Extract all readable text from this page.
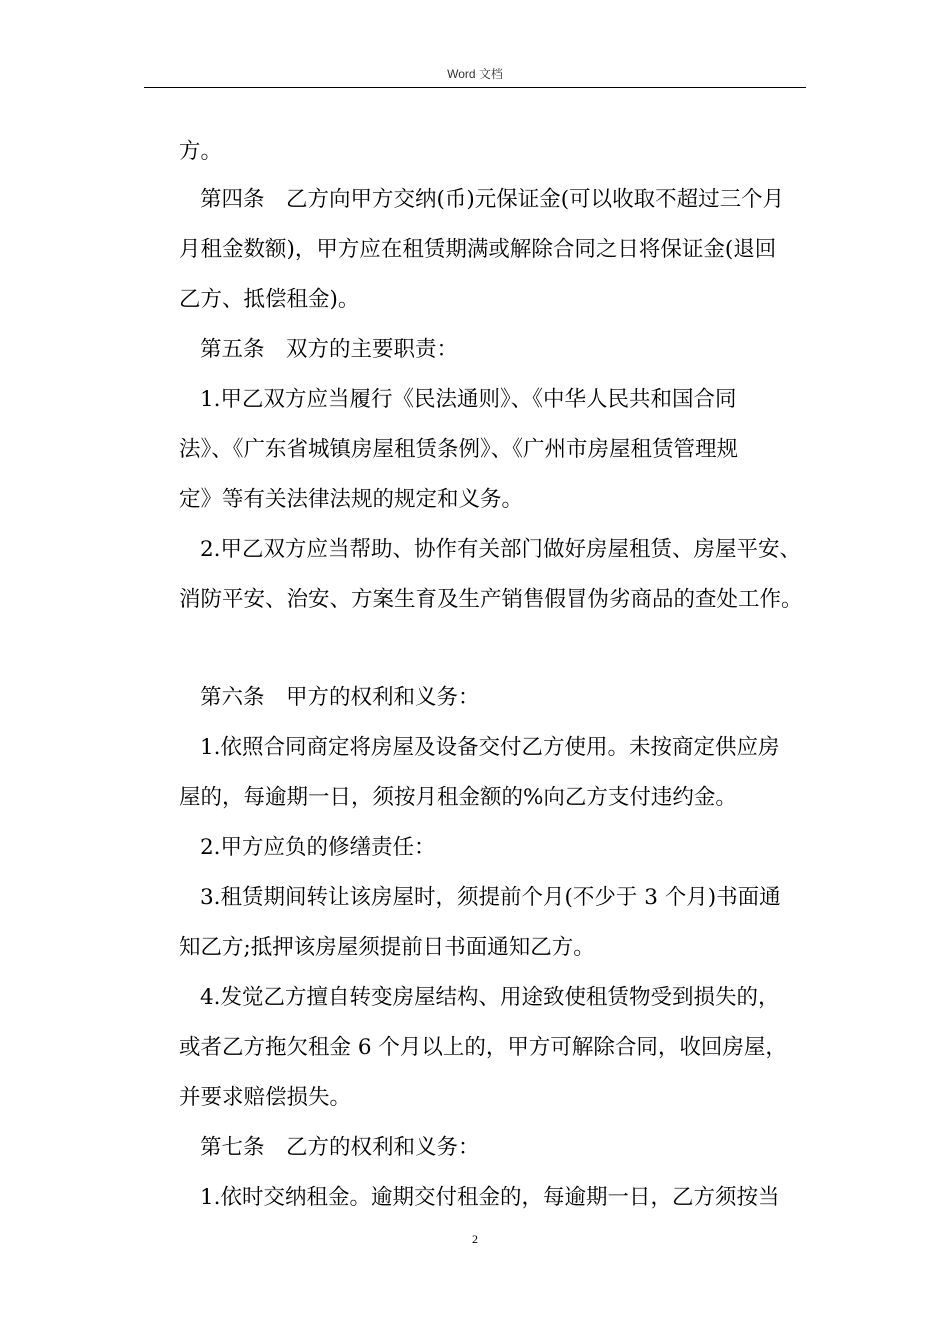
Word 文档
方。
第四条　乙方向甲方交纳(币)元保证金(可以收取不超过三个月
月租金数额)，甲方应在租赁期满或解除合同之日将保证金(退回
乙方、抵偿租金)。
第五条　双方的主要职责：
1.甲乙双方应当履行《民法通则》、《中华人民共和国合同
法》、《广东省城镇房屋租赁条例》、《广州市房屋租赁管理规
定》等有关法律法规的规定和义务。
2.甲乙双方应当帮助、协作有关部门做好房屋租赁、房屋平安、
消防平安、治安、方案生育及生产销售假冒伪劣商品的查处工作。
第六条　甲方的权利和义务：
1.依照合同商定将房屋及设备交付乙方使用。未按商定供应房
屋的，每逾期一日，须按月租金额的%向乙方支付违约金。
2.甲方应负的修缮责任：
3.租赁期间转让该房屋时，须提前个月(不少于 3 个月)书面通
知乙方;抵押该房屋须提前日书面通知乙方。
4.发觉乙方擅自转变房屋结构、用途致使租赁物受到损失的，
或者乙方拖欠租金 6 个月以上的，甲方可解除合同，收回房屋，
并要求赔偿损失。
第七条　乙方的权利和义务：
1.依时交纳租金。逾期交付租金的，每逾期一日，乙方须按当
2
